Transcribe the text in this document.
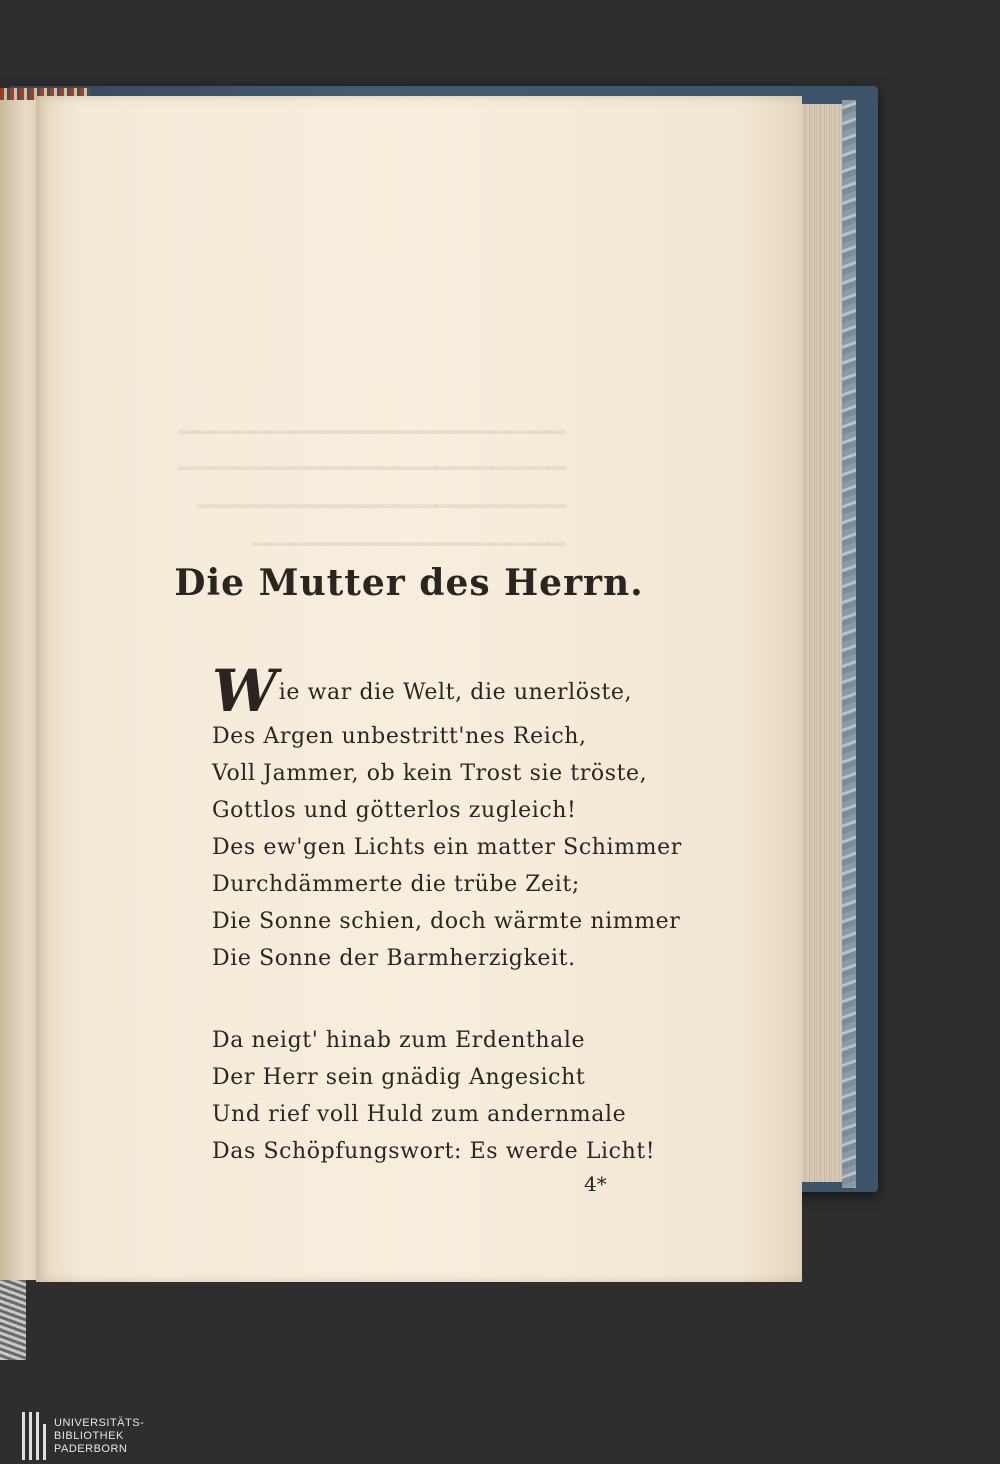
▁▁▁▁▁▁▁▁▁▁▁▁▁▁▁▁▁▁▁▁▁
▁▁▁▁▁▁▁▁▁▁▁▁▁▁▁▁▁▁▁▁▁
▁▁▁▁▁▁▁▁▁▁▁▁▁▁▁▁▁▁▁▁
▁▁▁▁▁▁▁▁▁▁▁▁▁▁▁▁▁
Die Mutter des Herrn.
Wie war die Welt, die unerlöste,
Des Argen unbestritt'nes Reich,
Voll Jammer, ob kein Trost sie tröste,
Gottlos und götterlos zugleich!
Des ew'gen Lichts ein matter Schimmer
Durchdämmerte die trübe Zeit;
Die Sonne schien, doch wärmte nimmer
Die Sonne der Barmherzigkeit.
Da neigt' hinab zum Erdenthale
Der Herr sein gnädig Angesicht
Und rief voll Huld zum andernmale
Das Schöpfungswort: Es werde Licht!
4*
UNIVERSITÄTS-
BIBLIOTHEK
PADERBORN
